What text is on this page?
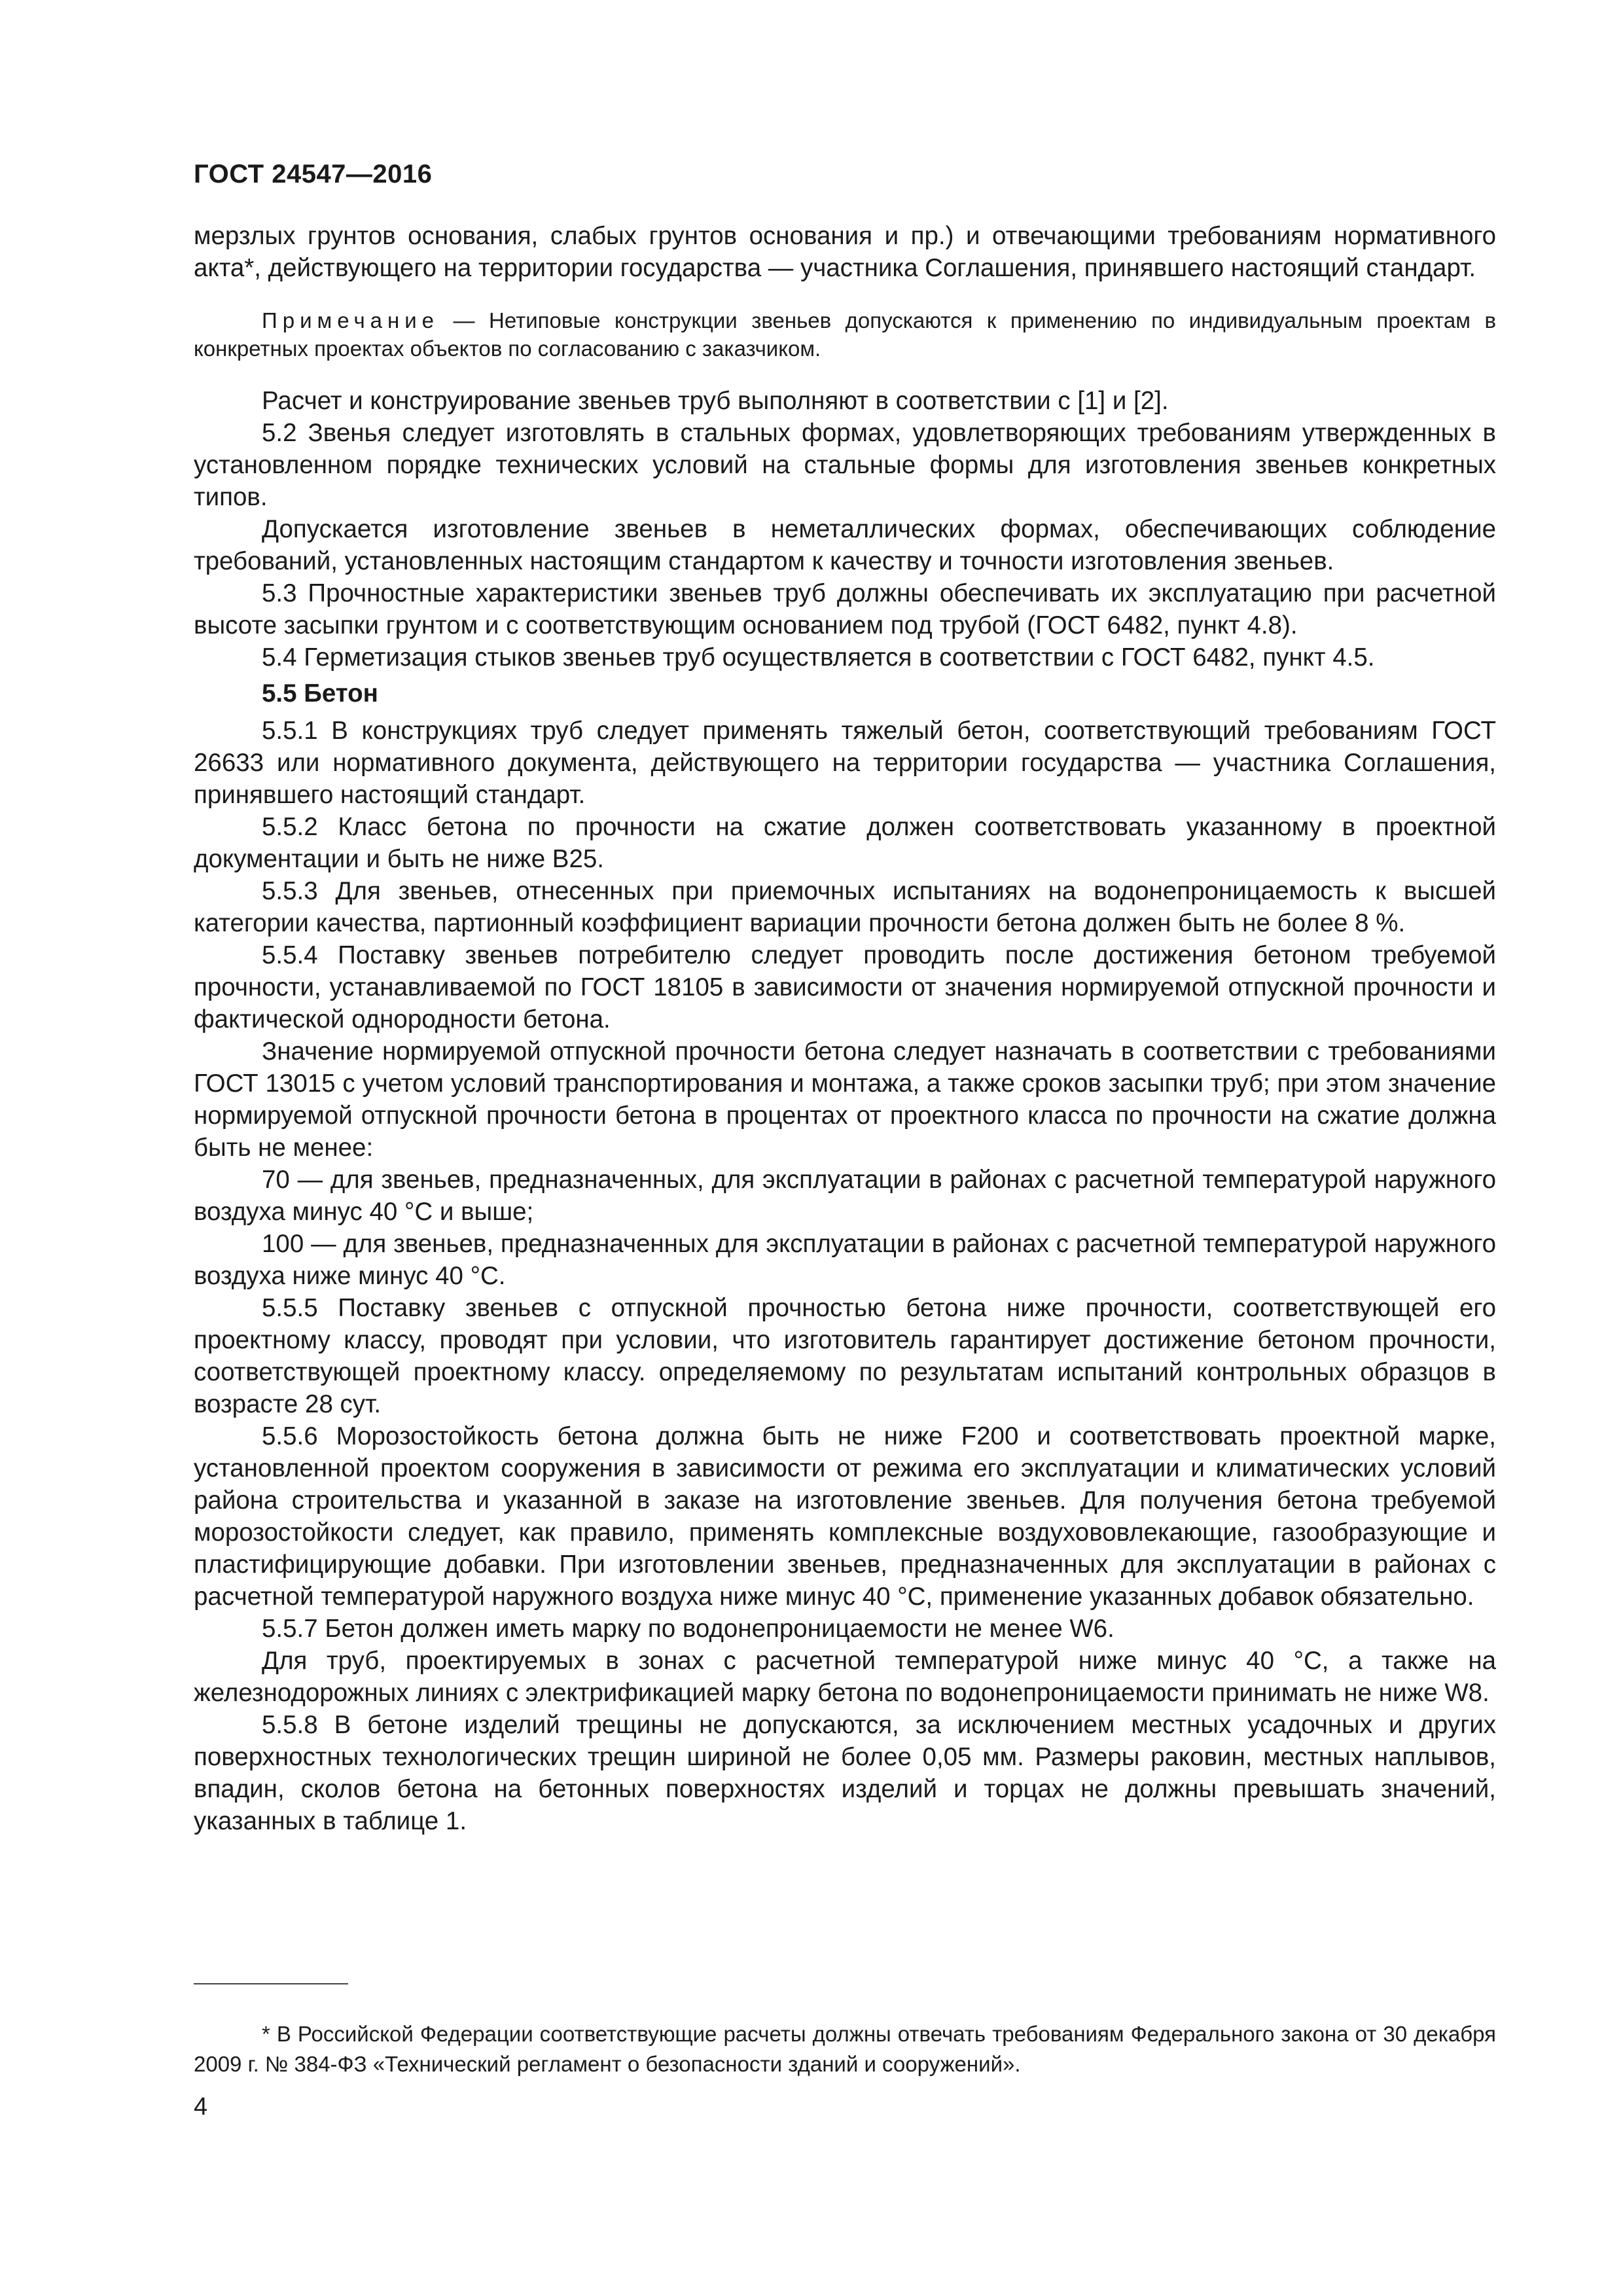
ГОСТ 24547—2016

мерзлых грунтов основания, слабых грунтов основания и пр.) и отвечающими требованиям нормативного акта*, действующего на территории государства — участника Соглашения, принявшего настоящий стандарт.

Примечание — Нетиповые конструкции звеньев допускаются к применению по индивидуальным проектам в конкретных проектах объектов по согласованию с заказчиком.

Расчет и конструирование звеньев труб выполняют в соответствии с [1] и [2].

5.2 Звенья следует изготовлять в стальных формах, удовлетворяющих требованиям утвержденных в установленном порядке технических условий на стальные формы для изготовления звеньев конкретных типов.

Допускается изготовление звеньев в неметаллических формах, обеспечивающих соблюдение требований, установленных настоящим стандартом к качеству и точности изготовления звеньев.

5.3 Прочностные характеристики звеньев труб должны обеспечивать их эксплуатацию при расчетной высоте засыпки грунтом и с соответствующим основанием под трубой (ГОСТ 6482, пункт 4.8).

5.4 Герметизация стыков звеньев труб осуществляется в соответствии с ГОСТ 6482, пункт 4.5.

5.5 Бетон

5.5.1 В конструкциях труб следует применять тяжелый бетон, соответствующий требованиям ГОСТ 26633 или нормативного документа, действующего на территории государства — участника Соглашения, принявшего настоящий стандарт.

5.5.2 Класс бетона по прочности на сжатие должен соответствовать указанному в проектной документации и быть не ниже В25.

5.5.3 Для звеньев, отнесенных при приемочных испытаниях на водонепроницаемость к высшей категории качества, партионный коэффициент вариации прочности бетона должен быть не более 8 %.

5.5.4 Поставку звеньев потребителю следует проводить после достижения бетоном требуемой прочности, устанавливаемой по ГОСТ 18105 в зависимости от значения нормируемой отпускной прочности и фактической однородности бетона.

Значение нормируемой отпускной прочности бетона следует назначать в соответствии с требованиями ГОСТ 13015 с учетом условий транспортирования и монтажа, а также сроков засыпки труб; при этом значение нормируемой отпускной прочности бетона в процентах от проектного класса по прочности на сжатие должна быть не менее:

70 — для звеньев, предназначенных, для эксплуатации в районах с расчетной температурой наружного воздуха минус 40 °С и выше;

100 — для звеньев, предназначенных для эксплуатации в районах с расчетной температурой наружного воздуха ниже минус 40 °С.

5.5.5 Поставку звеньев с отпускной прочностью бетона ниже прочности, соответствующей его проектному классу, проводят при условии, что изготовитель гарантирует достижение бетоном прочности, соответствующей проектному классу. определяемому по результатам испытаний контрольных образцов в возрасте 28 сут.

5.5.6 Морозостойкость бетона должна быть не ниже F200 и соответствовать проектной марке, установленной проектом сооружения в зависимости от режима его эксплуатации и климатических условий района строительства и указанной в заказе на изготовление звеньев. Для получения бетона требуемой морозостойкости следует, как правило, применять комплексные воздухововлекающие, газообразующие и пластифицирующие добавки. При изготовлении звеньев, предназначенных для эксплуатации в районах с расчетной температурой наружного воздуха ниже минус 40 °С, применение указанных добавок обязательно.

5.5.7 Бетон должен иметь марку по водонепроницаемости не менее W6.

Для труб, проектируемых в зонах с расчетной температурой ниже минус 40 °С, а также на железнодорожных линиях с электрификацией марку бетона по водонепроницаемости принимать не ниже W8.

5.5.8 В бетоне изделий трещины не допускаются, за исключением местных усадочных и других поверхностных технологических трещин шириной не более 0,05 мм. Размеры раковин, местных наплывов, впадин, сколов бетона на бетонных поверхностях изделий и торцах не должны превышать значений, указанных в таблице 1.

* В Российской Федерации соответствующие расчеты должны отвечать требованиям Федерального закона от 30 декабря 2009 г. № 384-ФЗ «Технический регламент о безопасности зданий и сооружений».

4
